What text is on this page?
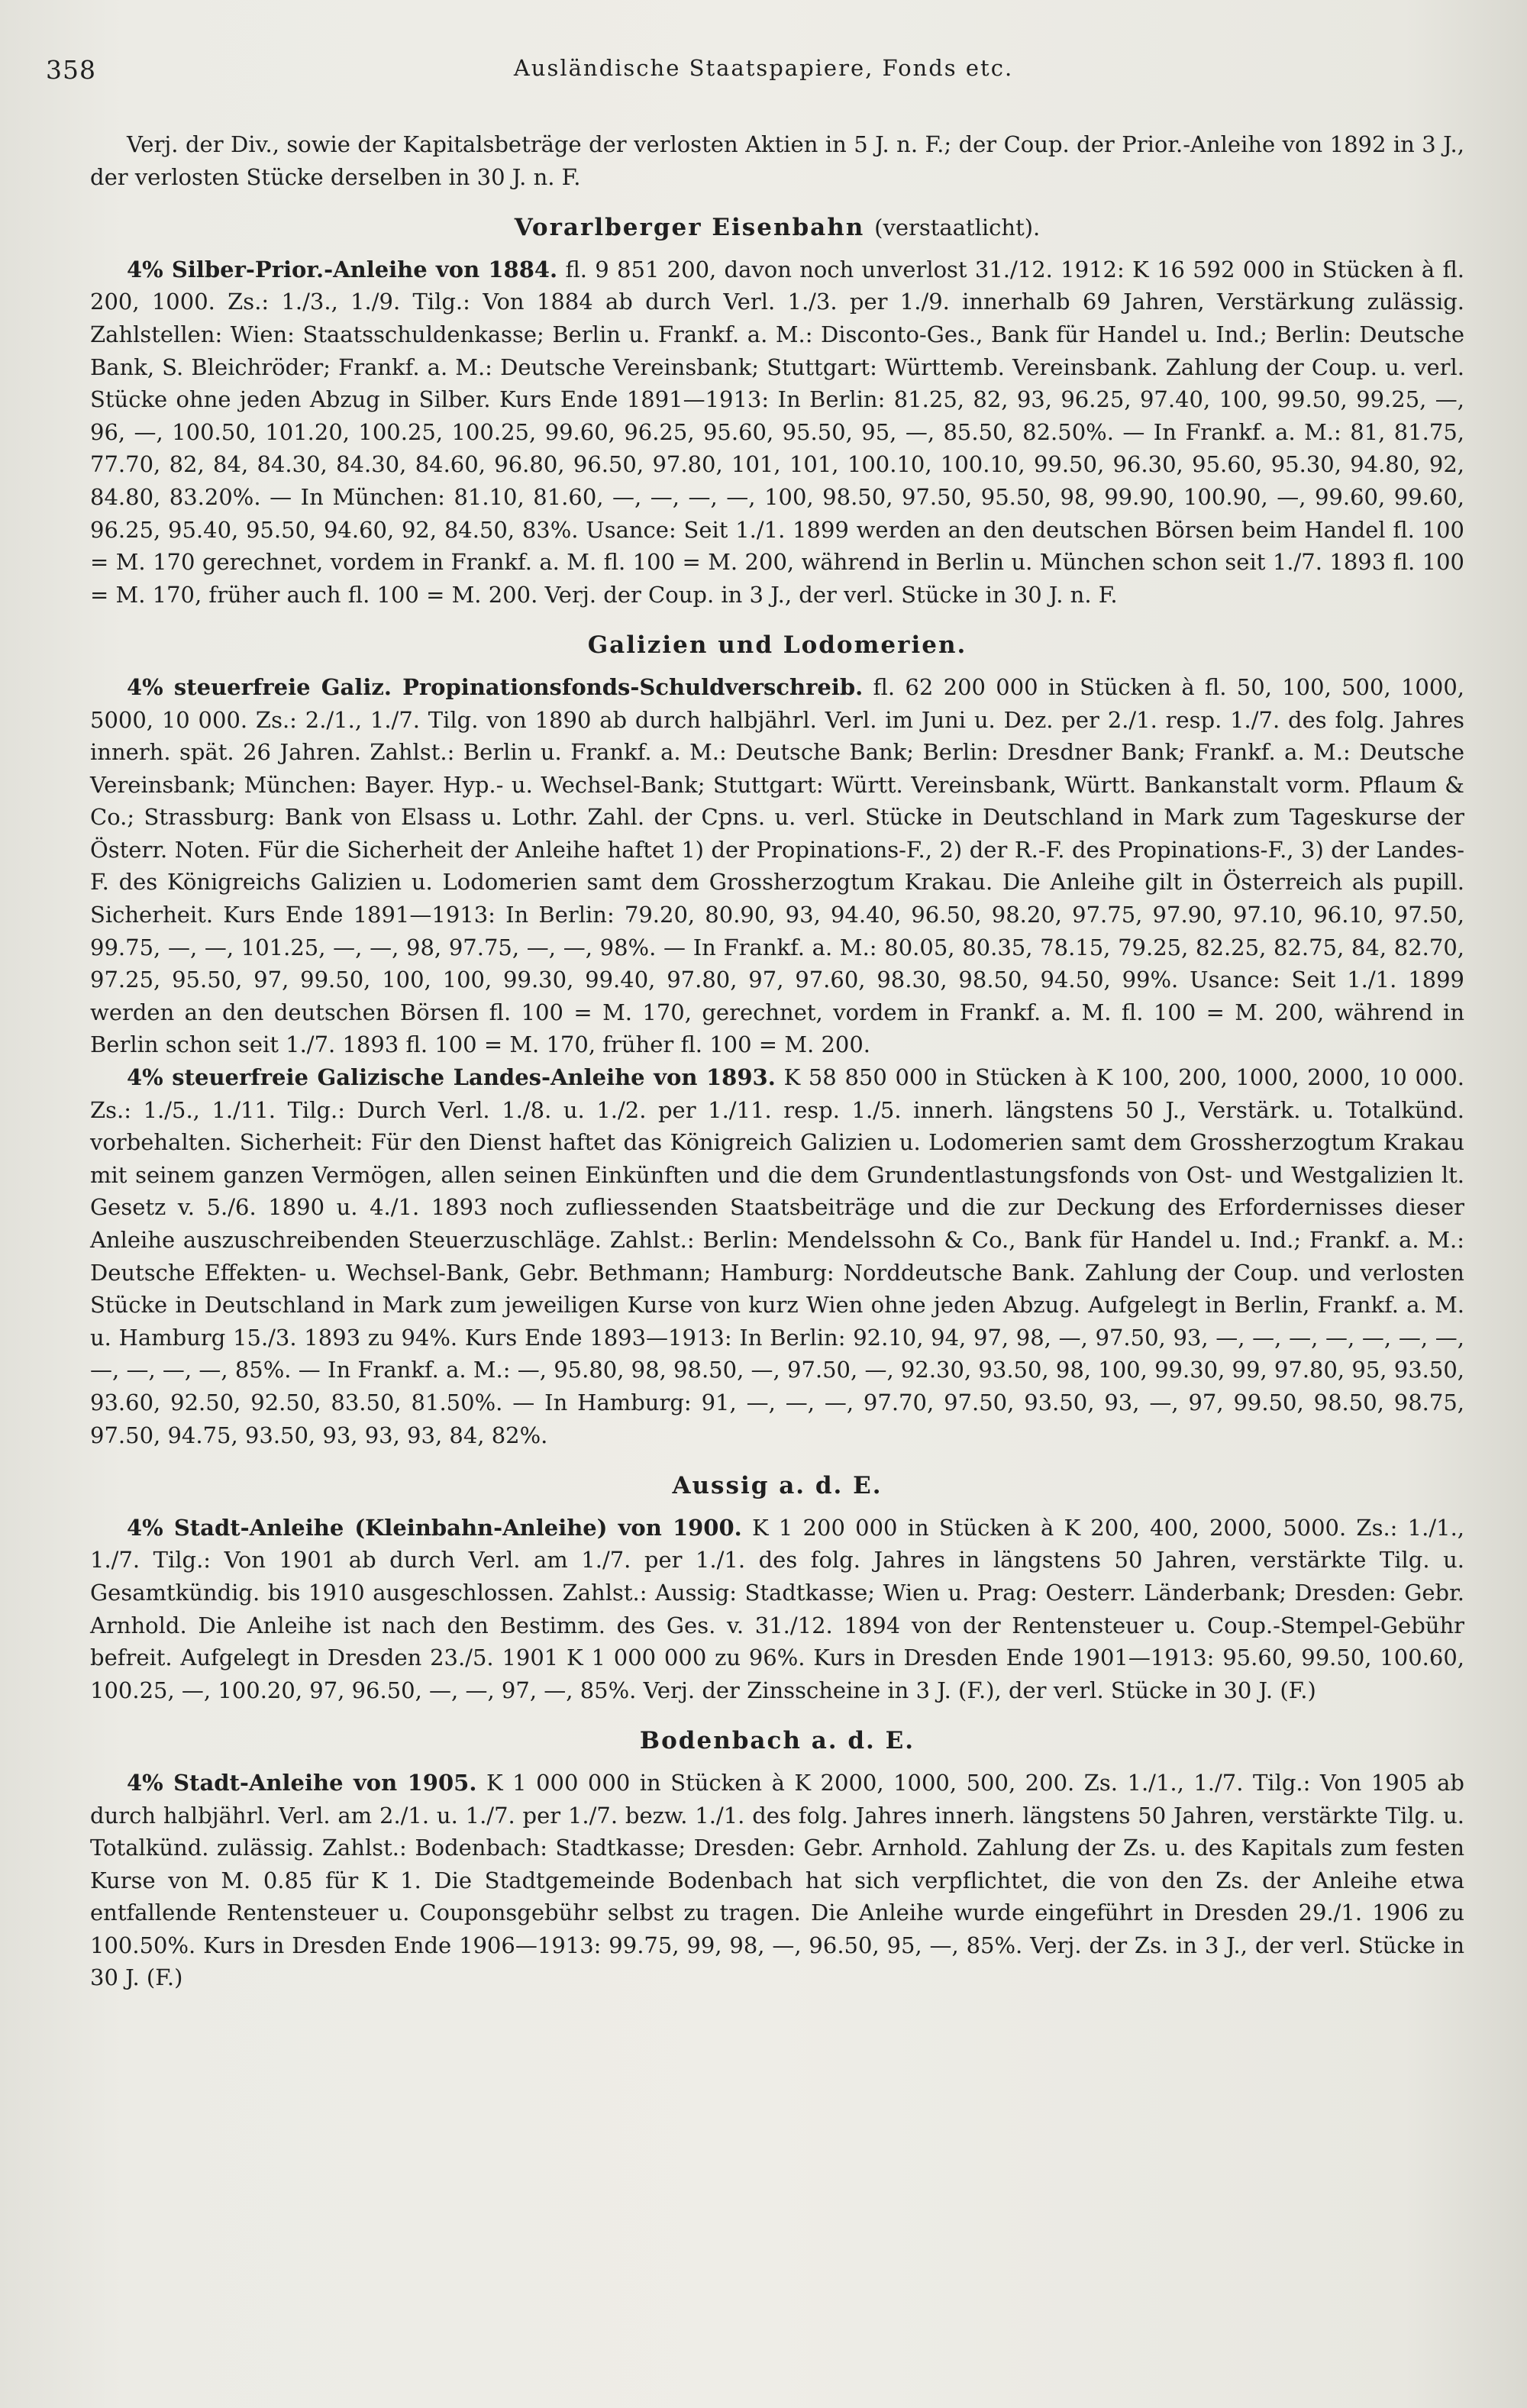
358	Ausländische Staatspapiere, Fonds etc.

Verj. der Div., sowie der Kapitalsbeträge der verlosten Aktien in 5 J. n. F.; der Coup. der Prior.-Anleihe von 1892 in 3 J., der verlosten Stücke derselben in 30 J. n. F.

Vorarlberger Eisenbahn (verstaatlicht).

4% Silber-Prior.-Anleihe von 1884. fl. 9 851 200, davon noch unverlost 31./12. 1912: K 16 592 000 in Stücken à fl. 200, 1000. Zs.: 1./3., 1./9. Tilg.: Von 1884 ab durch Verl. 1./3. per 1./9. innerhalb 69 Jahren, Verstärkung zulässig. Zahlstellen: Wien: Staatsschuldenkasse; Berlin u. Frankf. a. M.: Disconto-Ges., Bank für Handel u. Ind.; Berlin: Deutsche Bank, S. Bleichröder; Frankf. a. M.: Deutsche Vereinsbank; Stuttgart: Württemb. Vereinsbank. Zahlung der Coup. u. verl. Stücke ohne jeden Abzug in Silber. Kurs Ende 1891—1913: In Berlin: 81.25, 82, 93, 96.25, 97.40, 100, 99.50, 99.25, —, 96, —, 100.50, 101.20, 100.25, 100.25, 99.60, 96.25, 95.60, 95.50, 95, —, 85.50, 82.50%. — In Frankf. a. M.: 81, 81.75, 77.70, 82, 84, 84.30, 84.30, 84.60, 96.80, 96.50, 97.80, 101, 101, 100.10, 100.10, 99.50, 96.30, 95.60, 95.30, 94.80, 92, 84.80, 83.20%. — In München: 81.10, 81.60, —, —, —, —, 100, 98.50, 97.50, 95.50, 98, 99.90, 100.90, —, 99.60, 99.60, 96.25, 95.40, 95.50, 94.60, 92, 84.50, 83%. Usance: Seit 1./1. 1899 werden an den deutschen Börsen beim Handel fl. 100 = M. 170 gerechnet, vordem in Frankf. a. M. fl. 100 = M. 200, während in Berlin u. München schon seit 1./7. 1893 fl. 100 = M. 170, früher auch fl. 100 = M. 200. Verj. der Coup. in 3 J., der verl. Stücke in 30 J. n. F.

Galizien und Lodomerien.

4% steuerfreie Galiz. Propinationsfonds-Schuldverschreib. fl. 62 200 000 in Stücken à fl. 50, 100, 500, 1000, 5000, 10 000. Zs.: 2./1., 1./7. Tilg. von 1890 ab durch halbjährl. Verl. im Juni u. Dez. per 2./1. resp. 1./7. des folg. Jahres innerh. spät. 26 Jahren. Zahlst.: Berlin u. Frankf. a. M.: Deutsche Bank; Berlin: Dresdner Bank; Frankf. a. M.: Deutsche Vereinsbank; München: Bayer. Hyp.- u. Wechsel-Bank; Stuttgart: Württ. Vereinsbank, Württ. Bankanstalt vorm. Pflaum & Co.; Strassburg: Bank von Elsass u. Lothr. Zahl. der Cpns. u. verl. Stücke in Deutschland in Mark zum Tageskurse der Österr. Noten. Für die Sicherheit der Anleihe haftet 1) der Propinations-F., 2) der R.-F. des Propinations-F., 3) der Landes-F. des Königreichs Galizien u. Lodomerien samt dem Grossherzogtum Krakau. Die Anleihe gilt in Österreich als pupill. Sicherheit. Kurs Ende 1891—1913: In Berlin: 79.20, 80.90, 93, 94.40, 96.50, 98.20, 97.75, 97.90, 97.10, 96.10, 97.50, 99.75, —, —, 101.25, —, —, 98, 97.75, —, —, 98%. — In Frankf. a. M.: 80.05, 80.35, 78.15, 79.25, 82.25, 82.75, 84, 82.70, 97.25, 95.50, 97, 99.50, 100, 100, 99.30, 99.40, 97.80, 97, 97.60, 98.30, 98.50, 94.50, 99%. Usance: Seit 1./1. 1899 werden an den deutschen Börsen fl. 100 = M. 170, gerechnet, vordem in Frankf. a. M. fl. 100 = M. 200, während in Berlin schon seit 1./7. 1893 fl. 100 = M. 170, früher fl. 100 = M. 200.

4% steuerfreie Galizische Landes-Anleihe von 1893. K 58 850 000 in Stücken à K 100, 200, 1000, 2000, 10 000. Zs.: 1./5., 1./11. Tilg.: Durch Verl. 1./8. u. 1./2. per 1./11. resp. 1./5. innerh. längstens 50 J., Verstärk. u. Totalkünd. vorbehalten. Sicherheit: Für den Dienst haftet das Königreich Galizien u. Lodomerien samt dem Grossherzogtum Krakau mit seinem ganzen Vermögen, allen seinen Einkünften und die dem Grundentlastungsfonds von Ost- und Westgalizien lt. Gesetz v. 5./6. 1890 u. 4./1. 1893 noch zufliessenden Staatsbeiträge und die zur Deckung des Erfordernisses dieser Anleihe auszuschreibenden Steuerzuschläge. Zahlst.: Berlin: Mendelssohn & Co., Bank für Handel u. Ind.; Frankf. a. M.: Deutsche Effekten- u. Wechsel-Bank, Gebr. Bethmann; Hamburg: Norddeutsche Bank. Zahlung der Coup. und verlosten Stücke in Deutschland in Mark zum jeweiligen Kurse von kurz Wien ohne jeden Abzug. Aufgelegt in Berlin, Frankf. a. M. u. Hamburg 15./3. 1893 zu 94%. Kurs Ende 1893—1913: In Berlin: 92.10, 94, 97, 98, —, 97.50, 93, —, —, —, —, —, —, —, —, —, —, —, 85%. — In Frankf. a. M.: —, 95.80, 98, 98.50, —, 97.50, —, 92.30, 93.50, 98, 100, 99.30, 99, 97.80, 95, 93.50, 93.60, 92.50, 92.50, 83.50, 81.50%. — In Hamburg: 91, —, —, —, 97.70, 97.50, 93.50, 93, —, 97, 99.50, 98.50, 98.75, 97.50, 94.75, 93.50, 93, 93, 93, 84, 82%.

Aussig a. d. E.

4% Stadt-Anleihe (Kleinbahn-Anleihe) von 1900. K 1 200 000 in Stücken à K 200, 400, 2000, 5000. Zs.: 1./1., 1./7. Tilg.: Von 1901 ab durch Verl. am 1./7. per 1./1. des folg. Jahres in längstens 50 Jahren, verstärkte Tilg. u. Gesamtkündig. bis 1910 ausgeschlossen. Zahlst.: Aussig: Stadtkasse; Wien u. Prag: Oesterr. Länderbank; Dresden: Gebr. Arnhold. Die Anleihe ist nach den Bestimm. des Ges. v. 31./12. 1894 von der Rentensteuer u. Coup.-Stempel-Gebühr befreit. Aufgelegt in Dresden 23./5. 1901 K 1 000 000 zu 96%. Kurs in Dresden Ende 1901—1913: 95.60, 99.50, 100.60, 100.25, —, 100.20, 97, 96.50, —, —, 97, —, 85%. Verj. der Zinsscheine in 3 J. (F.), der verl. Stücke in 30 J. (F.)

Bodenbach a. d. E.

4% Stadt-Anleihe von 1905. K 1 000 000 in Stücken à K 2000, 1000, 500, 200. Zs. 1./1., 1./7. Tilg.: Von 1905 ab durch halbjährl. Verl. am 2./1. u. 1./7. per 1./7. bezw. 1./1. des folg. Jahres innerh. längstens 50 Jahren, verstärkte Tilg. u. Totalkünd. zulässig. Zahlst.: Bodenbach: Stadtkasse; Dresden: Gebr. Arnhold. Zahlung der Zs. u. des Kapitals zum festen Kurse von M. 0.85 für K 1. Die Stadtgemeinde Bodenbach hat sich verpflichtet, die von den Zs. der Anleihe etwa entfallende Rentensteuer u. Couponsgebühr selbst zu tragen. Die Anleihe wurde eingeführt in Dresden 29./1. 1906 zu 100.50%. Kurs in Dresden Ende 1906—1913: 99.75, 99, 98, —, 96.50, 95, —, 85%. Verj. der Zs. in 3 J., der verl. Stücke in 30 J. (F.)
